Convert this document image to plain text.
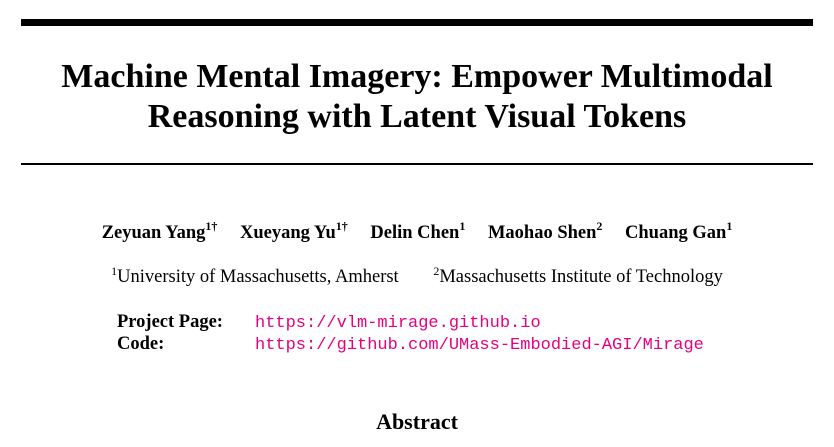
Machine Mental Imagery: Empower Multimodal
Reasoning with Latent Visual Tokens
Zeyuan Yang$^{1\dagger}$ Xueyang $Yu^{1\dagger}$ Delin Chen$^1$ Maohao Shen$^2$ Chuang Gan$^1$
$^1$University of Massachusetts, Amherst	$^2$Massachusetts Institute of Technology
Project Page: https://vlm-mirage.github.io
Code:	https://github.com/UMass-Embodied-AGI/Mirage
Abstract
